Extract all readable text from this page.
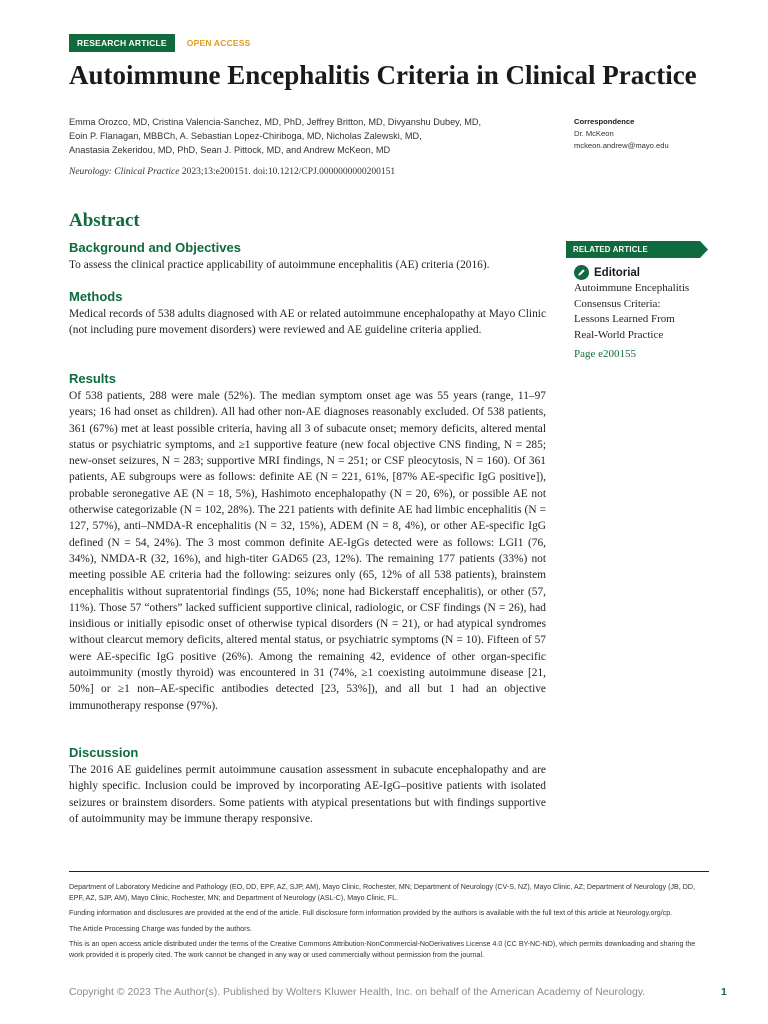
RESEARCH ARTICLE	OPEN ACCESS
Autoimmune Encephalitis Criteria in Clinical Practice
Emma Orozco, MD, Cristina Valencia-Sanchez, MD, PhD, Jeffrey Britton, MD, Divyanshu Dubey, MD,
Eoin P. Flanagan, MBBCh, A. Sebastian Lopez-Chiriboga, MD, Nicholas Zalewski, MD,
Anastasia Zekeridou, MD, PhD, Sean J. Pittock, MD, and Andrew McKeon, MD
Neurology: Clinical Practice 2023;13:e200151. doi:10.1212/CPJ.0000000000200151
Correspondence
Dr. McKeon
mckeon.andrew@mayo.edu
Abstract
Background and Objectives

To assess the clinical practice applicability of autoimmune encephalitis (AE) criteria (2016).

Methods

Medical records of 538 adults diagnosed with AE or related autoimmune encephalopathy at Mayo Clinic (not including pure movement disorders) were reviewed and AE guideline criteria applied.

Results

Of 538 patients, 288 were male (52%). The median symptom onset age was 55 years (range, 11–97 years; 16 had onset as children). All had other non-AE diagnoses reasonably excluded. Of 538 patients, 361 (67%) met at least possible criteria, having all 3 of subacute onset; memory deficits, altered mental status or psychiatric symptoms, and ≥1 supportive feature (new focal objective CNS finding, N = 285; new-onset seizures, N = 283; supportive MRI findings, N = 251; or CSF pleocytosis, N = 160). Of 361 patients, AE subgroups were as follows: definite AE (N = 221, 61%, [87% AE-specific IgG positive]), probable seronegative AE (N = 18, 5%), Hashimoto encephalopathy (N = 20, 6%), or possible AE not otherwise categorizable (N = 102, 28%). The 221 patients with definite AE had limbic encephalitis (N = 127, 57%), anti–NMDA-R encephalitis (N = 32, 15%), ADEM (N = 8, 4%), or other AE-specific IgG defined (N = 54, 24%). The 3 most common definite AE-IgGs detected were as follows: LGI1 (76, 34%), NMDA-R (32, 16%), and high-titer GAD65 (23, 12%). The remaining 177 patients (33%) not meeting possible AE criteria had the following: seizures only (65, 12% of all 538 patients), brainstem encephalitis without supratentorial findings (55, 10%; none had Bickerstaff encephalitis), or other (57, 11%). Those 57 “others” lacked sufficient supportive clinical, radiologic, or CSF findings (N = 26), had insidious or initially episodic onset of otherwise typical disorders (N = 21), or had atypical syndromes without clearcut memory deficits, altered mental status, or psychiatric symptoms (N = 10). Fifteen of 57 were AE-specific IgG positive (26%). Among the remaining 42, evidence of other organ-specific autoimmunity (mostly thyroid) was encountered in 31 (74%, ≥1 coexisting autoimmune disease [21, 50%] or ≥1 non–AE-specific antibodies detected [23, 53%]), and all but 1 had an objective immunotherapy response (97%).

Discussion

The 2016 AE guidelines permit autoimmune causation assessment in subacute encephalopathy and are highly specific. Inclusion could be improved by incorporating AE-IgG–positive patients with isolated seizures or brainstem disorders. Some patients with atypical presentations but with findings supportive of autoimmunity may be immune therapy responsive.

RELATED ARTICLE
Editorial
Autoimmune Encephalitis
Consensus Criteria:
Lessons Learned From
Real-World Practice
Page e200155

Department of Laboratory Medicine and Pathology (EO, DD, EPF, AZ, SJP, AM), Mayo Clinic, Rochester, MN; Department of Neurology (CV-S, NZ), Mayo Clinic, AZ; Department of Neurology (JB, DD, EPF, AZ, SJP, AM), Mayo Clinic, Rochester, MN; and Department of Neurology (ASL-C), Mayo Clinic, FL.

Funding information and disclosures are provided at the end of the article. Full disclosure form information provided by the authors is available with the full text of this article at Neurology.org/cp.

The Article Processing Charge was funded by the authors.

This is an open access article distributed under the terms of the Creative Commons Attribution-NonCommercial-NoDerivatives License 4.0 (CC BY-NC-ND), which permits downloading and sharing the work provided it is properly cited. The work cannot be changed in any way or used commercially without permission from the journal.

Copyright © 2023 The Author(s). Published by Wolters Kluwer Health, Inc. on behalf of the American Academy of Neurology.	1
